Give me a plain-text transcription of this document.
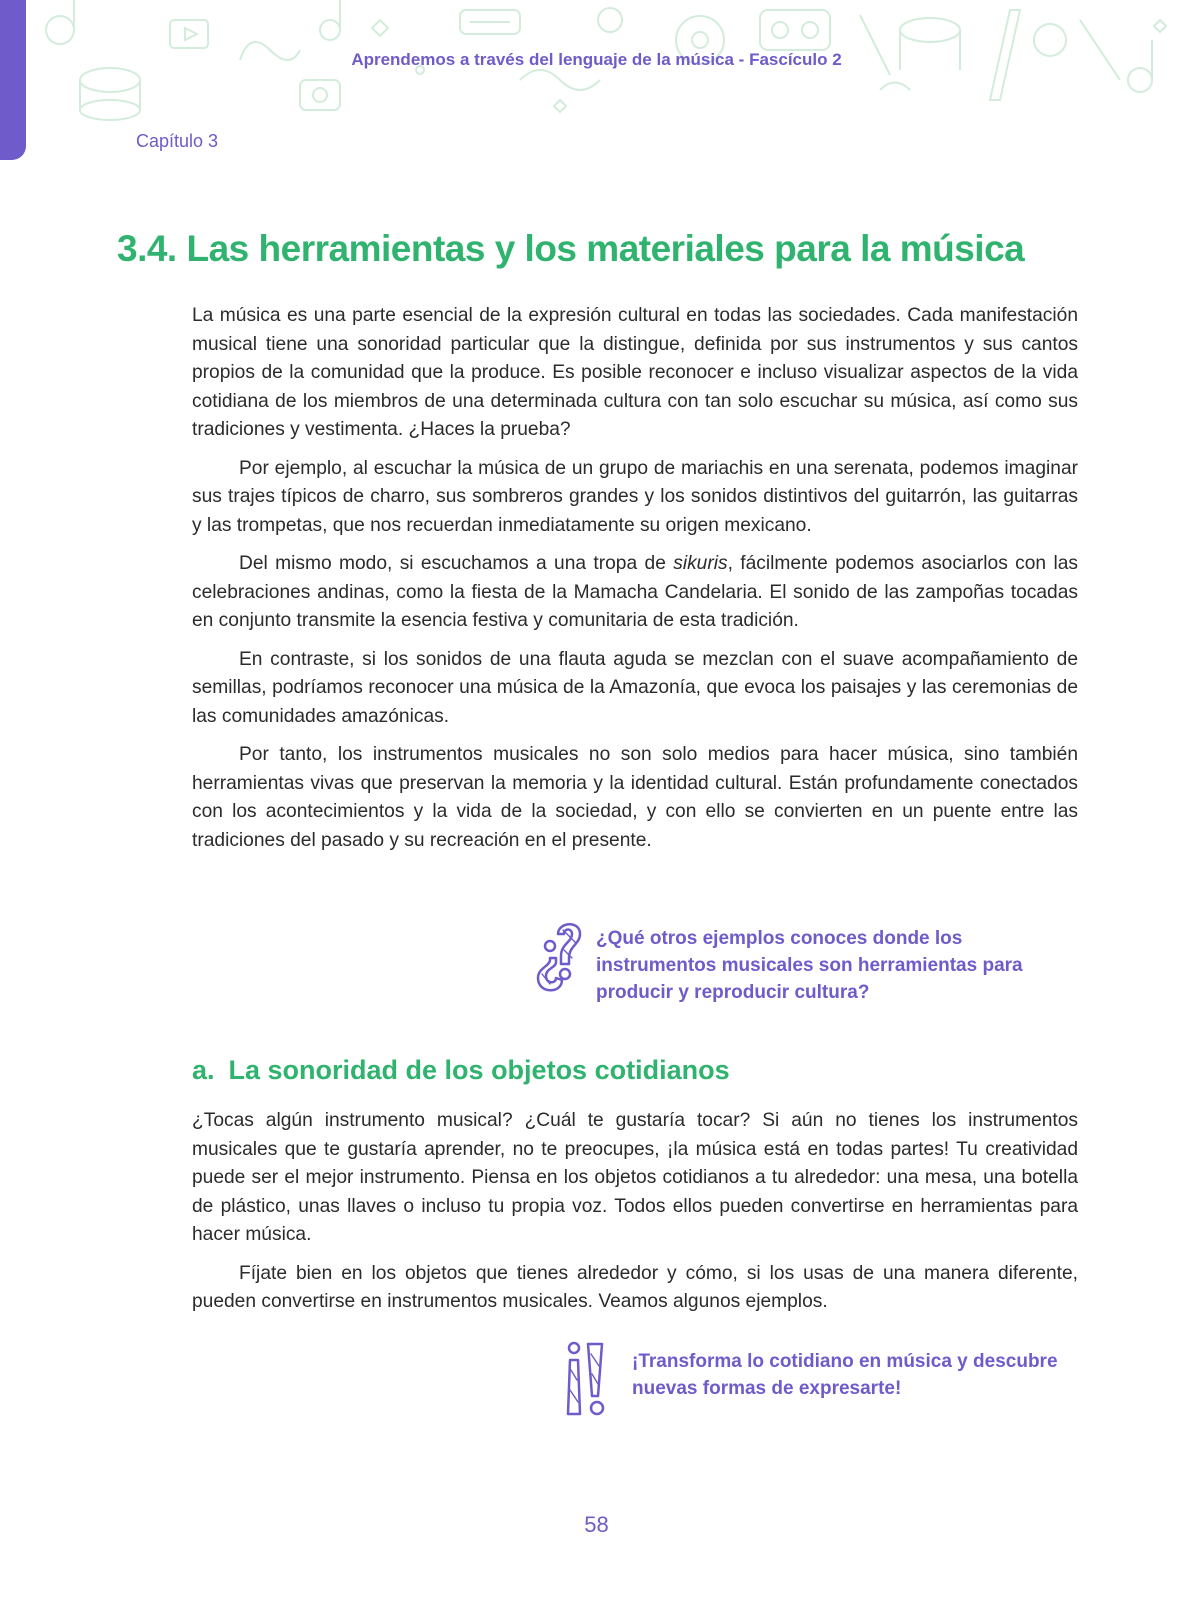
Aprendemos a través del lenguaje de la música - Fascículo 2
Capítulo 3
3.4. Las herramientas y los materiales para la música

La música es una parte esencial de la expresión cultural en todas las sociedades. Cada manifestación musical tiene una sonoridad particular que la distingue, definida por sus instrumentos y sus cantos propios de la comunidad que la produce. Es posible reconocer e incluso visualizar aspectos de la vida cotidiana de los miembros de una determinada cultura con tan solo escuchar su música, así como sus tradiciones y vestimenta. ¿Haces la prueba?

Por ejemplo, al escuchar la música de un grupo de mariachis en una serenata, podemos imaginar sus trajes típicos de charro, sus sombreros grandes y los sonidos distintivos del guitarrón, las guitarras y las trompetas, que nos recuerdan inmediatamente su origen mexicano.

Del mismo modo, si escuchamos a una tropa de sikuris, fácilmente podemos asociarlos con las celebraciones andinas, como la fiesta de la Mamacha Candelaria. El sonido de las zampoñas tocadas en conjunto transmite la esencia festiva y comunitaria de esta tradición.

En contraste, si los sonidos de una flauta aguda se mezclan con el suave acompañamiento de semillas, podríamos reconocer una música de la Amazonía, que evoca los paisajes y las ceremonias de las comunidades amazónicas.

Por tanto, los instrumentos musicales no son solo medios para hacer música, sino también herramientas vivas que preservan la memoria y la identidad cultural. Están profundamente conectados con los acontecimientos y la vida de la sociedad, y con ello se convierten en un puente entre las tradiciones del pasado y su recreación en el presente.

¿Qué otros ejemplos conoces donde los instrumentos musicales son herramientas para producir y reproducir cultura?
a. La sonoridad de los objetos cotidianos

¿Tocas algún instrumento musical? ¿Cuál te gustaría tocar? Si aún no tienes los instrumentos musicales que te gustaría aprender, no te preocupes, ¡la música está en todas partes! Tu creatividad puede ser el mejor instrumento. Piensa en los objetos cotidianos a tu alrededor: una mesa, una botella de plástico, unas llaves o incluso tu propia voz. Todos ellos pueden convertirse en herramientas para hacer música.

Fíjate bien en los objetos que tienes alrededor y cómo, si los usas de una manera diferente, pueden convertirse en instrumentos musicales. Veamos algunos ejemplos.

¡Transforma lo cotidiano en música y descubre nuevas formas de expresarte!
58
